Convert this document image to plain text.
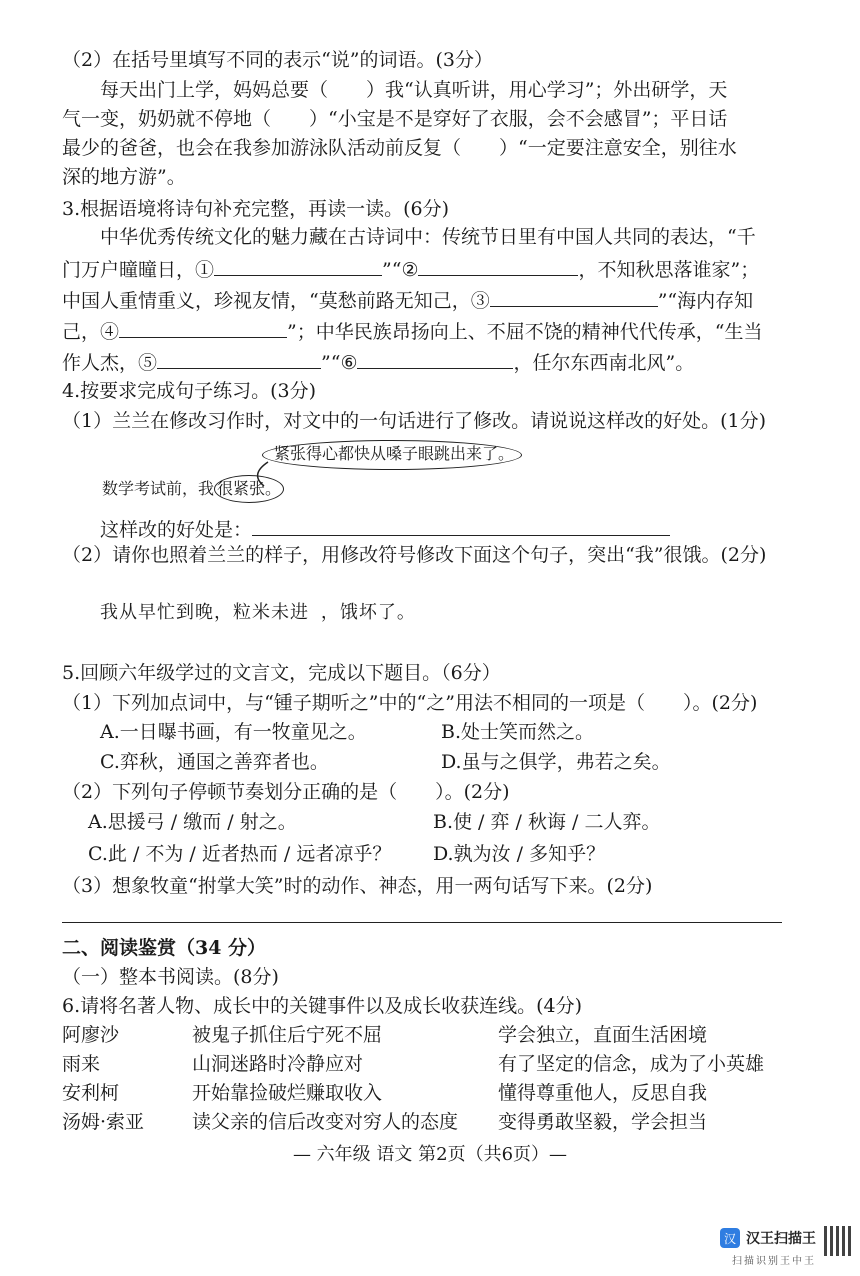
（2）在括号里填写不同的表示“说”的词语。(3分）
每天出门上学，妈妈总要（　　）我“认真听讲，用心学习”；外出研学，天
气一变，奶奶就不停地（　　）“小宝是不是穿好了衣服，会不会感冒”；平日话
最少的爸爸，也会在我参加游泳队活动前反复（　　）“一定要注意安全，别往水
深的地方游”。
3.根据语境将诗句补充完整，再读一读。(6分)
中华优秀传统文化的魅力藏在古诗词中：传统节日里有中国人共同的表达，“千
门万户曈曈日，①	”“②	，不知秋思落谁家”；
中国人重情重义，珍视友情，“莫愁前路无知己，③	”“海内存知
己，④	”；中华民族昂扬向上、不屈不饶的精神代代传承，“生当
作人杰，⑤	”“⑥	，任尔东西南北风”。
4.按要求完成句子练习。(3分)
（1）兰兰在修改习作时，对文中的一句话进行了修改。请说说这样改的好处。(1分)
紧张得心都快从嗓子眼跳出来了。
数学考试前，我 很紧张。
这样改的好处是：
（2）请你也照着兰兰的样子，用修改符号修改下面这个句子，突出“我”很饿。(2分)
我从早忙到晚，粒米未进 ，饿坏了。
5.回顾六年级学过的文言文，完成以下题目。（6分）
（1）下列加点词中，与“锺子期听之”中的“之”用法不相同的一项是（　　）。(2分)
A.一日曝书画，有一牧童见之。	B.处士笑而然之。
C.弈秋，通国之善弈者也。	D.虽与之俱学，弗若之矣。
（2）下列句子停顿节奏划分正确的是（　　）。(2分)
A.思援弓 / 缴而 / 射之。	B.使 / 弈 / 秋诲 / 二人弈。
C.此 / 不为 / 近者热而 / 远者凉乎？ D.孰为汝 / 多知乎？
（3）想象牧童“拊掌大笑”时的动作、神态，用一两句话写下来。(2分)
二、阅读鉴赏（34 分）
（一）整本书阅读。(8分)
6.请将名著人物、成长中的关键事件以及成长收获连线。(4分)
阿廖沙	被鬼子抓住后宁死不屈	学会独立，直面生活困境
雨来	山洞迷路时冷静应对	有了坚定的信念，成为了小英雄
安利柯	开始靠捡破烂赚取收入	懂得尊重他人，反思自我
汤姆·索亚	读父亲的信后改变对穷人的态度 变得勇敢坚毅，学会担当
— 六年级 语文 第2页（共6页）—
汉 汉王扫描王
扫描识别王中王
